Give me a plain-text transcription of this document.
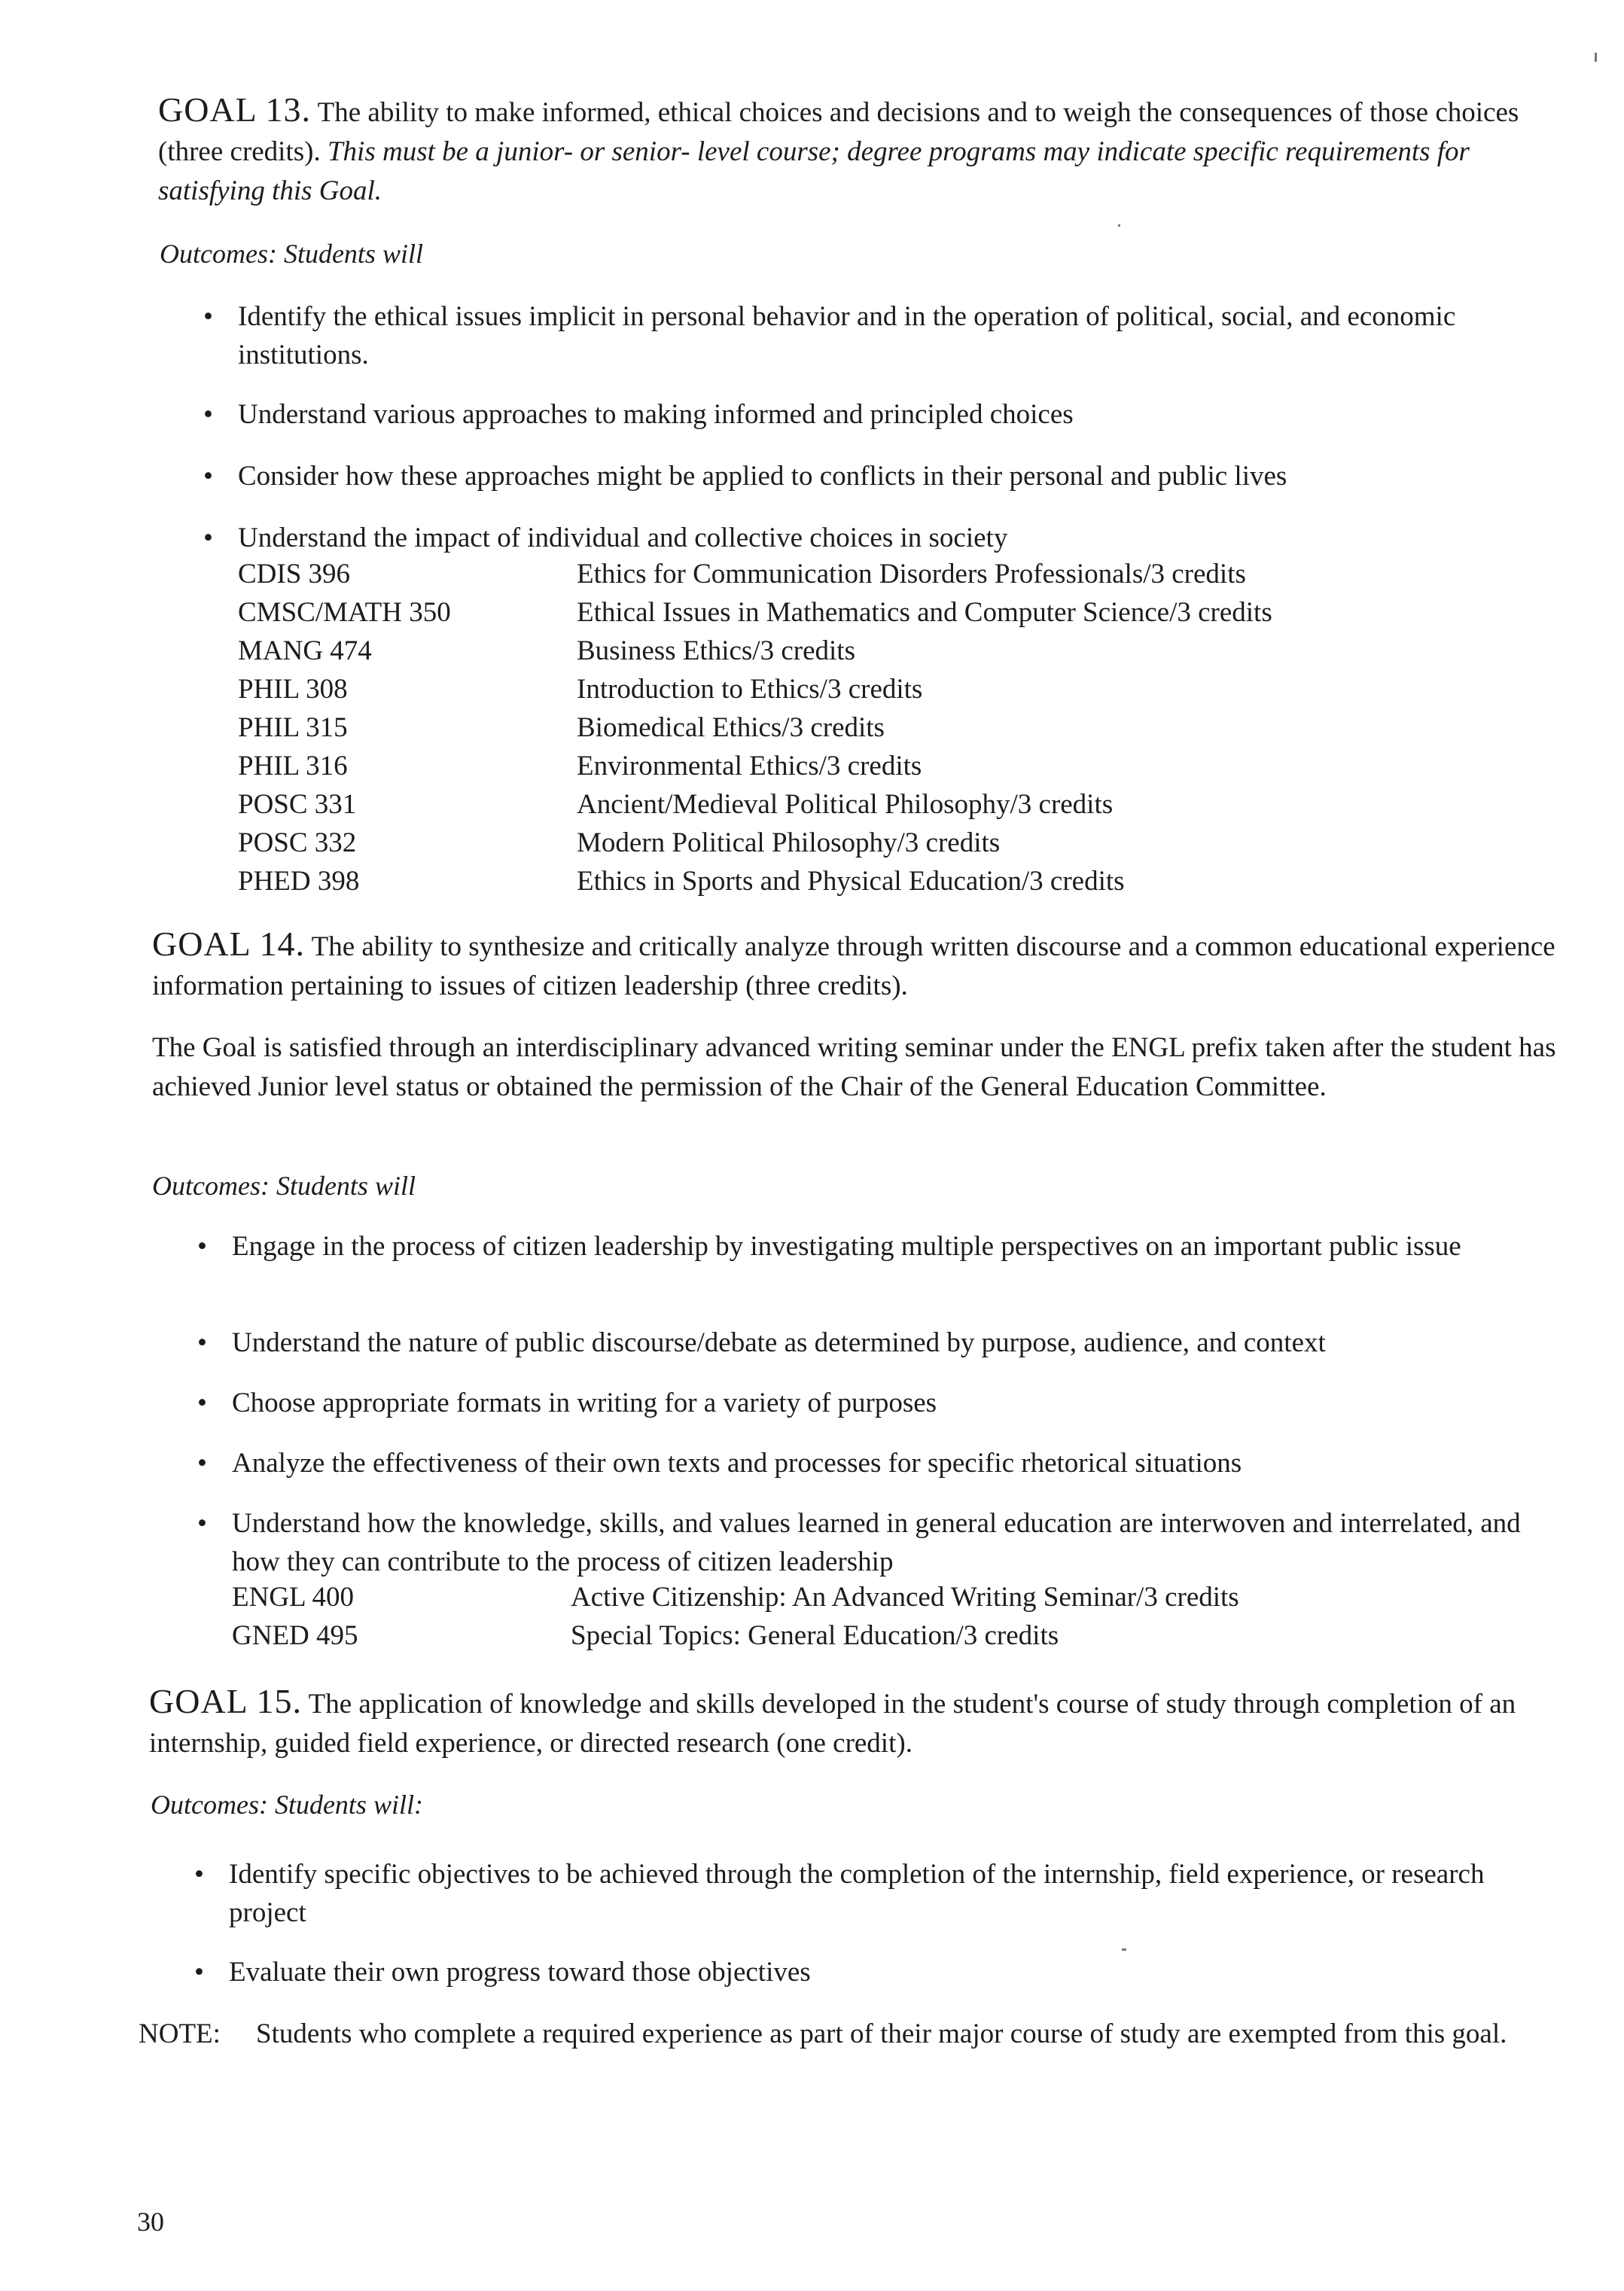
GOAL 13. The ability to make informed, ethical choices and decisions and to weigh the consequences of those choices (three credits). This must be a junior- or senior- level course; degree programs may indicate specific requirements for satisfying this Goal.
Outcomes: Students will
• Identify the ethical issues implicit in personal behavior and in the operation of political, social, and economic institutions.
• Understand various approaches to making informed and principled choices
• Consider how these approaches might be applied to conflicts in their personal and public lives
• Understand the impact of individual and collective choices in society
CDIS 396	Ethics for Communication Disorders Professionals/3 credits
CMSC/MATH 350	Ethical Issues in Mathematics and Computer Science/3 credits
MANG 474	Business Ethics/3 credits
PHIL 308	Introduction to Ethics/3 credits
PHIL 315	Biomedical Ethics/3 credits
PHIL 316	Environmental Ethics/3 credits
POSC 331	Ancient/Medieval Political Philosophy/3 credits
POSC 332	Modern Political Philosophy/3 credits
PHED 398	Ethics in Sports and Physical Education/3 credits
GOAL 14. The ability to synthesize and critically analyze through written discourse and a common educational experience information pertaining to issues of citizen leadership (three credits).
The Goal is satisfied through an interdisciplinary advanced writing seminar under the ENGL prefix taken after the student has achieved Junior level status or obtained the permission of the Chair of the General Education Committee.
Outcomes: Students will
• Engage in the process of citizen leadership by investigating multiple perspectives on an important public issue
• Understand the nature of public discourse/debate as determined by purpose, audience, and context
• Choose appropriate formats in writing for a variety of purposes
• Analyze the effectiveness of their own texts and processes for specific rhetorical situations
• Understand how the knowledge, skills, and values learned in general education are interwoven and interrelated, and how they can contribute to the process of citizen leadership
ENGL 400	Active Citizenship: An Advanced Writing Seminar/3 credits
GNED 495	Special Topics: General Education/3 credits
GOAL 15. The application of knowledge and skills developed in the student's course of study through completion of an internship, guided field experience, or directed research (one credit).
Outcomes: Students will:
• Identify specific objectives to be achieved through the completion of the internship, field experience, or research project
• Evaluate their own progress toward those objectives
NOTE: Students who complete a required experience as part of their major course of study are exempted from this goal.
30
